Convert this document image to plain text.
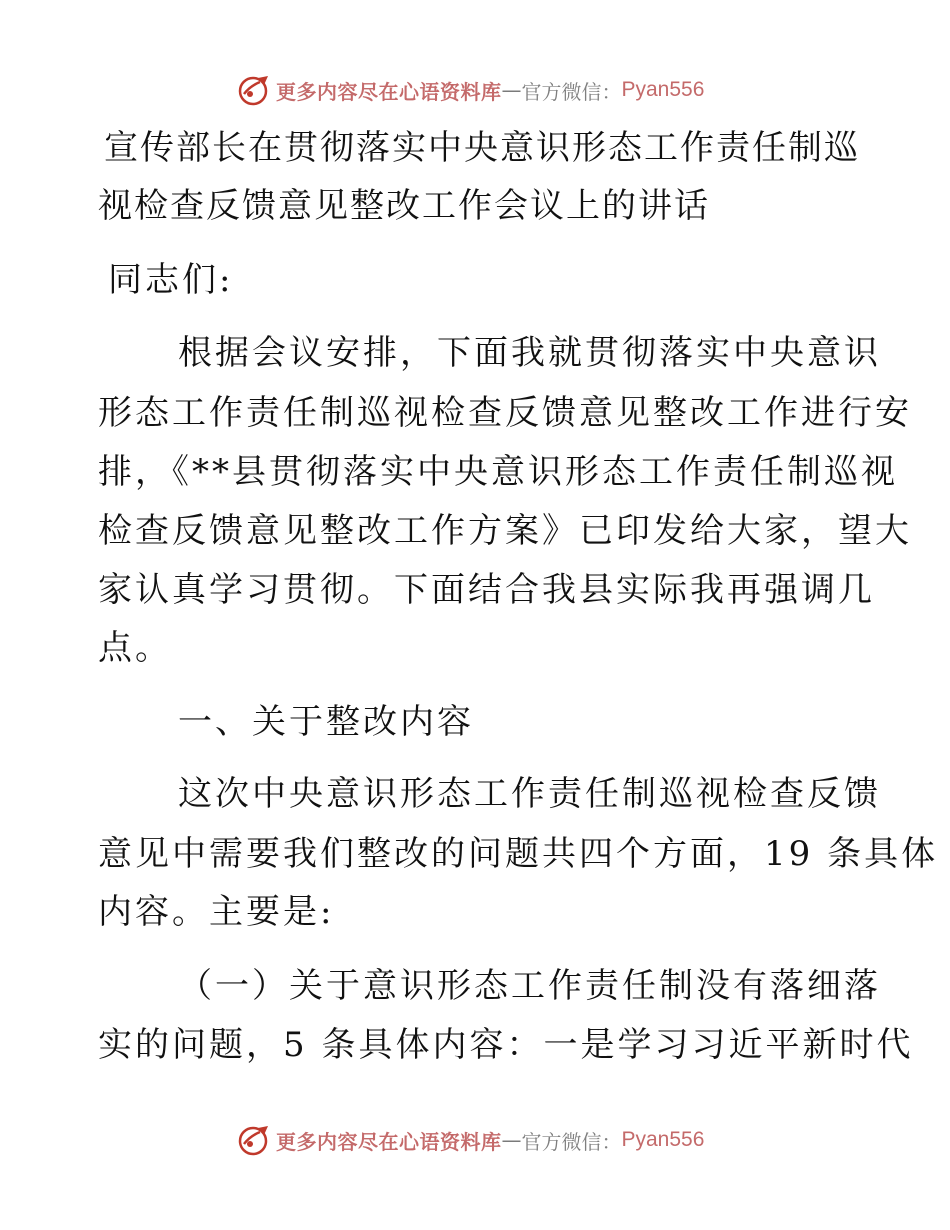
更多内容尽在心语资料库 — 官方微信： Pyan556
宣传部长在贯彻落实中央意识形态工作责任制巡
视检查反馈意见整改工作会议上的讲话
同志们:
根据会议安排，下面我就贯彻落实中央意识
形态工作责任制巡视检查反馈意见整改工作进行安
排，《**县贯彻落实中央意识形态工作责任制巡视
检查反馈意见整改工作方案》已印发给大家，望大
家认真学习贯彻。下面结合我县实际我再强调几
点。
一、关于整改内容
这次中央意识形态工作责任制巡视检查反馈
意见中需要我们整改的问题共四个方面，19 条具体
内容。主要是:
（一）关于意识形态工作责任制没有落细落
实的问题，5 条具体内容：一是学习习近平新时代
更多内容尽在心语资料库 — 官方微信： Pyan556
